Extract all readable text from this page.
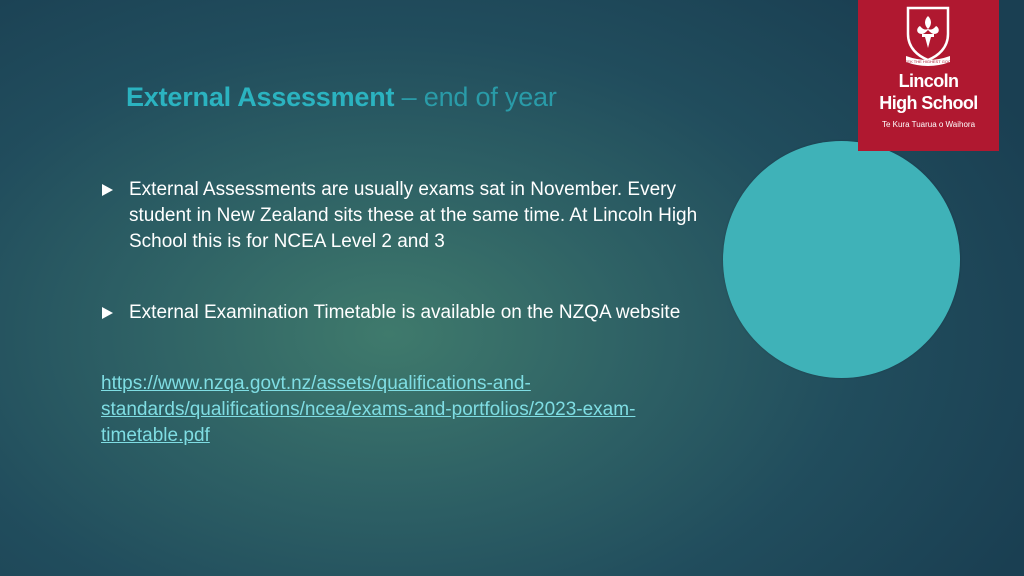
External Assessment – end of year
SEEK THE HIGHEST GOOD
Lincoln
High School
Te Kura Tuarua o Waihora
External Assessments are usually exams sat in November. Every
student in New Zealand sits these at the same time. At Lincoln High
School this is for NCEA Level 2 and 3
External Examination Timetable is available on the NZQA website
https://www.nzqa.govt.nz/assets/qualifications-and-
standards/qualifications/ncea/exams-and-portfolios/2023-exam-
timetable.pdf
